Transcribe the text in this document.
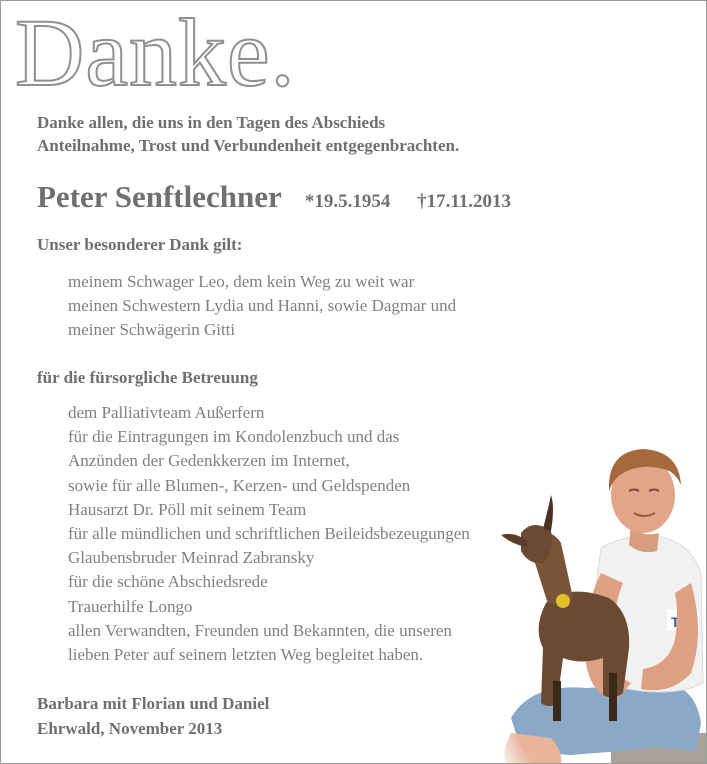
Danke.
Danke allen, die uns in den Tagen des Abschieds
Anteilnahme, Trost und Verbundenheit entgegenbrachten.
Peter Senftlechner *19.5.1954 †17.11.2013
Unser besonderer Dank gilt:
meinem Schwager Leo, dem kein Weg zu weit war
meinen Schwestern Lydia und Hanni, sowie Dagmar und
meiner Schwägerin Gitti
für die fürsorgliche Betreuung
dem Palliativteam Außerfern
für die Eintragungen im Kondolenzbuch und das
Anzünden der Gedenkkerzen im Internet,
sowie für alle Blumen-, Kerzen- und Geldspenden
Hausarzt Dr. Pöll mit seinem Team
für alle mündlichen und schriftlichen Beileidsbezeugungen
Glaubensbruder Meinrad Zabransky
für die schöne Abschiedsrede
Trauerhilfe Longo
allen Verwandten, Freunden und Bekannten, die unseren
lieben Peter auf seinem letzten Weg begleitet haben.
Barbara mit Florian und Daniel
Ehrwald, November 2013
